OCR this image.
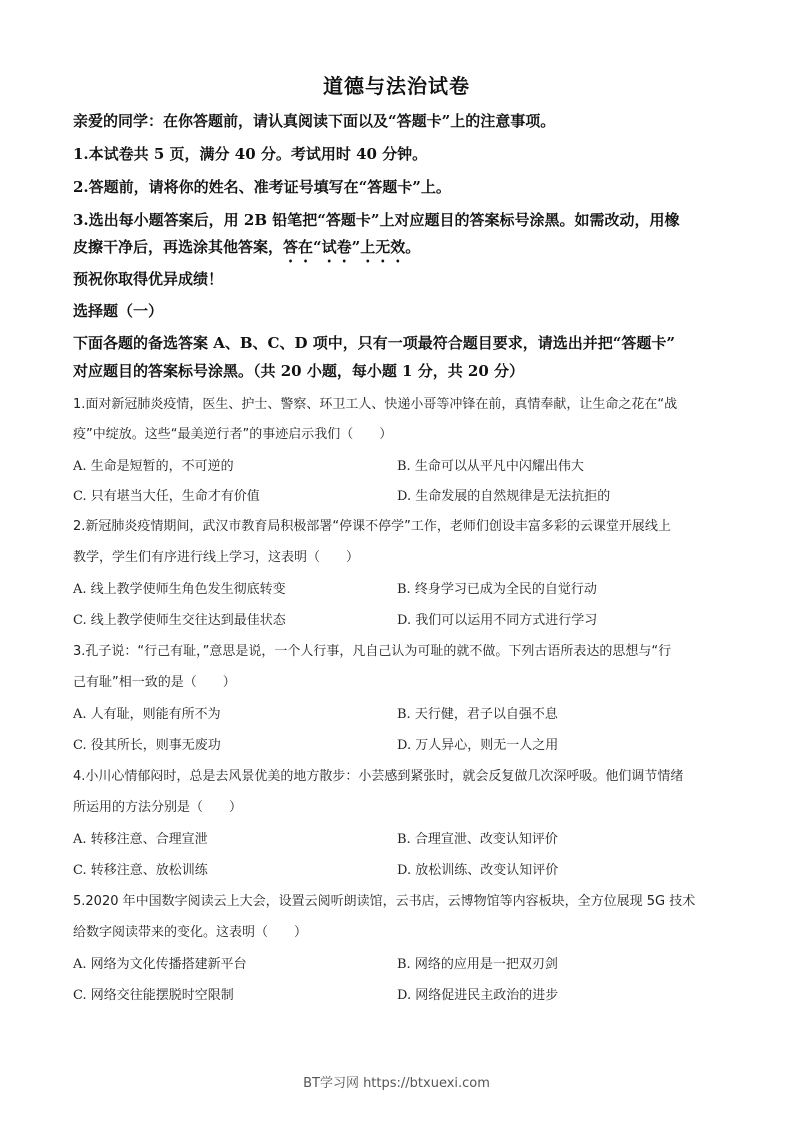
道德与法治试卷
亲爱的同学：在你答题前，请认真阅读下面以及“答题卡”上的注意事项。
1.本试卷共 5 页，满分 40 分。考试用时 40 分钟。
2.答题前，请将你的姓名、准考证号填写在“答题卡”上。
3.选出每小题答案后，用 2B 铅笔把“答题卡”上对应题目的答案标号涂黑。如需改动，用橡
皮擦干净后，再选涂其他答案，答在“试卷”上无效。
预祝你取得优异成绩！
选择题（一）
下面各题的备选答案 A、B、C、D 项中，只有一项最符合题目要求，请选出并把“答题卡”
对应题目的答案标号涂黑。（共 20 小题，每小题 1 分，共 20 分）
1.面对新冠肺炎疫情，医生、护士、警察、环卫工人、快递小哥等冲锋在前，真情奉献，让生命之花在“战
疫”中绽放。这些“最美逆行者”的事迹启示我们（　　）
A. 生命是短暂的，不可逆的	B. 生命可以从平凡中闪耀出伟大
C. 只有堪当大任，生命才有价值	D. 生命发展的自然规律是无法抗拒的
2.新冠肺炎疫情期间，武汉市教育局积极部署“停课不停学”工作，老师们创设丰富多彩的云课堂开展线上
教学，学生们有序进行线上学习，这表明（　　）
A. 线上教学使师生角色发生彻底转变	B. 终身学习已成为全民的自觉行动
C. 线上教学使师生交往达到最佳状态	D. 我们可以运用不同方式进行学习
3.孔子说：“行己有耻，”意思是说，一个人行事，凡自己认为可耻的就不做。下列古语所表达的思想与“行
己有耻”相一致的是（　　）
A. 人有耻，则能有所不为	B. 天行健，君子以自强不息
C. 役其所长，则事无废功	D. 万人异心，则无一人之用
4.小川心情郁闷时，总是去风景优美的地方散步：小芸感到紧张时，就会反复做几次深呼吸。他们调节情绪
所运用的方法分别是（　　）
A. 转移注意、合理宣泄	B. 合理宣泄、改变认知评价
C. 转移注意、放松训练	D. 放松训练、改变认知评价
5.2020 年中国数字阅读云上大会，设置云阅听朗读馆，云书店，云博物馆等内容板块，全方位展现 5G 技术
给数字阅读带来的变化。这表明（　　）
A. 网络为文化传播搭建新平台	B. 网络的应用是一把双刃剑
C. 网络交往能摆脱时空限制	D. 网络促进民主政治的进步
BT学习网 https://btxuexi.com
